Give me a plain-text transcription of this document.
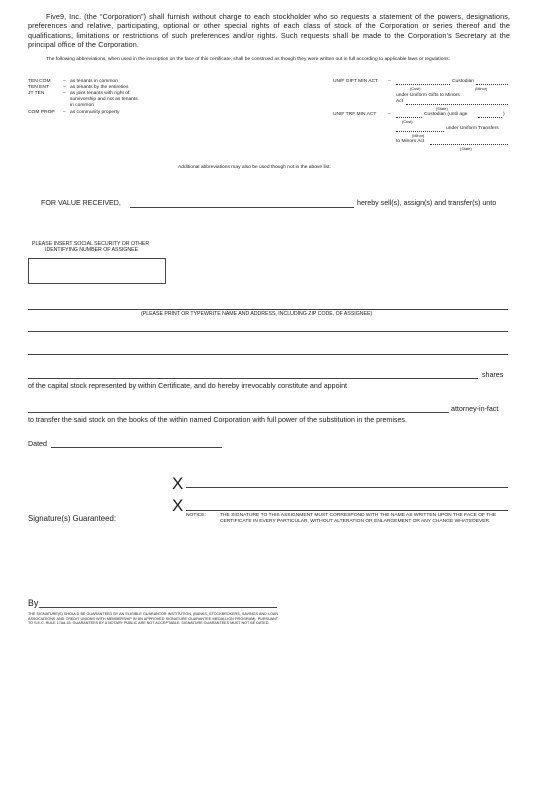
Five9, Inc. (the “Corporation”) shall furnish without charge to each stockholder who so requests a statement of the powers, designations, preferences and relative, participating, optional or other special rights of each class of stock of the Corporation or series thereof and the qualifications, limitations or restrictions of such preferences and/or rights. Such requests shall be made to the Corporation’s Secretary at the principal office of the Corporation.
The following abbreviations, when used in the inscription on the face of this certificate, shall be construed as though they were written out in full according to applicable laws or regulations:
TEN COM	– as tenants in common
TEN ENT	– as tenants by the entireties
JT TEN	– as joint tenants with right of
survivorship and not as tenants
in common
COM PROP – as community property
UNIF GIFT MIN ACT –	Custodian
(Cust)	(Minor)
under Uniform Gifts to Minors
Act
(State)
UNIF TRF MIN ACT –	Custodian (until age	)
(Cust)
under Uniform Transfers
(Minor)
to Minors Act
(State)
Additional abbreviations may also be used though not in the above list.
FOR VALUE RECEIVED,	hereby sell(s), assign(s) and transfer(s) unto
PLEASE INSERT SOCIAL SECURITY OR OTHER
IDENTIFYING NUMBER OF ASSIGNEE
(PLEASE PRINT OR TYPEWRITE NAME AND ADDRESS, INCLUDING ZIP CODE, OF ASSIGNEE)
shares
of the capital stock represented by within Certificate, and do hereby irrevocably constitute and appoint
attorney-in-fact
to transfer the said stock on the books of the within named Corporation with full power of the substitution in the premises.
Dated
X
X
Signature(s) Guaranteed:	NOTICE:	THE SIGNATURE TO THIS ASSIGNMENT MUST CORRESPOND WITH THE NAME AS WRITTEN UPON THE FACE OF THE CERTIFICATE IN EVERY PARTICULAR, WITHOUT ALTERATION OR ENLARGEMENT OR ANY CHANGE WHATSOEVER.
By
THE SIGNATURE(S) SHOULD BE GUARANTEED BY AN ELIGIBLE GUARANTOR INSTITUTION, (BANKS, STOCKBROKERS, SAVINGS AND LOAN ASSOCIATIONS AND CREDIT UNIONS WITH MEMBERSHIP IN AN APPROVED SIGNATURE GUARANTEE MEDALLION PROGRAM), PURSUANT TO S.E.C. RULE 17Ad-15. GUARANTEES BY A NOTARY PUBLIC ARE NOT ACCEPTABLE. SIGNATURE GUARANTEES MUST NOT BE DATED.
